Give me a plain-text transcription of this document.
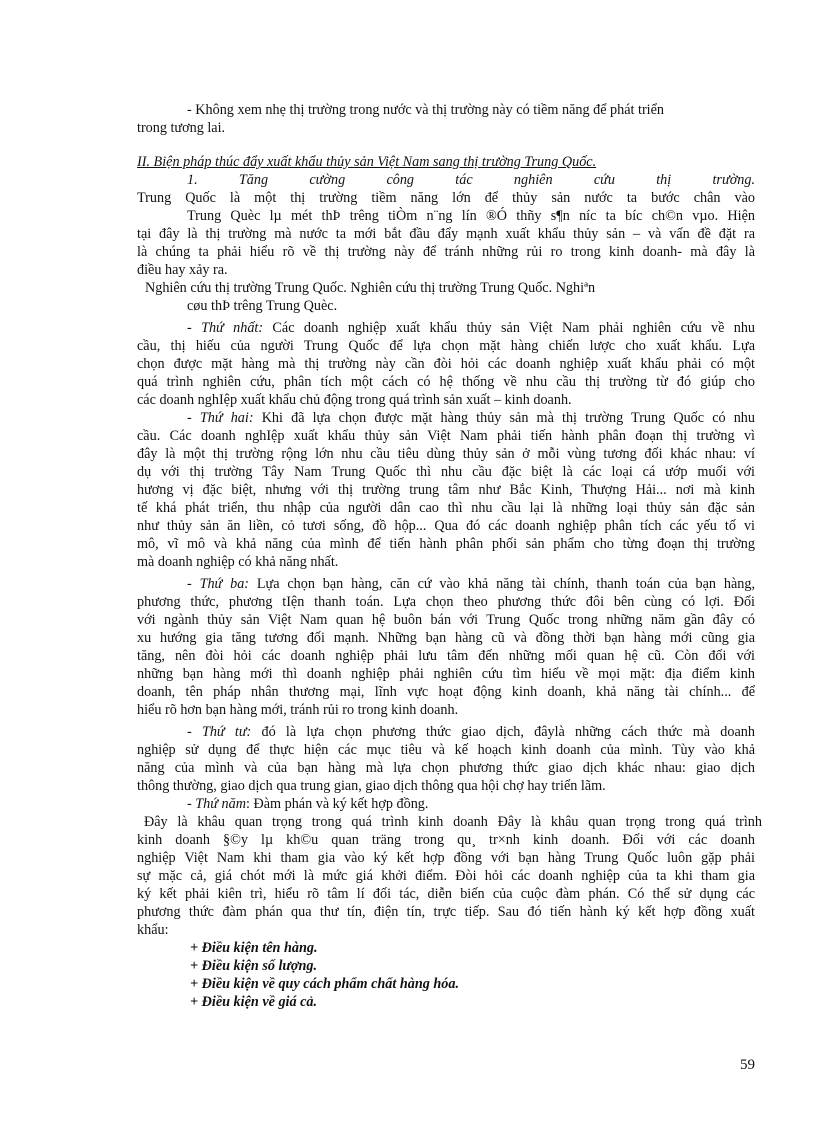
- Không xem nhẹ thị trường trong nước và thị trường này có tiềm năng để phát triển
trong tương lai.
II. Biện pháp thúc đẩy xuất khẩu thủy sản Việt Nam sang thị trường Trung Quốc.
1. Tăng cường công tác nghiên cứu thị trường.
Trung Quốc là một thị trường tiềm năng lớn để thủy sản nước ta bước chân vào
Trung Quèc lµ mét thÞ trêng tiÒm n¨ng lín ®Ó thñy s¶n níc ta bíc ch©n vµo. Hiện
tại đây là thị trường mà nước ta mới bắt đầu đẩy mạnh xuất khẩu thủy sản – và vấn đề đặt ra
là chúng ta phải hiểu rõ về thị trường này để tránh những rủi ro trong kinh doanh- mà đây là
điều hay xảy ra.
Nghiên cứu thị trường Trung Quốc. Nghiên cứu thị trường Trung Quốc. Nghiªn
cøu thÞ trêng Trung Quèc.
- Thứ nhất: Các doanh nghiệp xuất khẩu thủy sản Việt Nam phải nghiên cứu về nhu
cầu, thị hiếu của người Trung Quốc để lựa chọn mặt hàng chiến lược cho xuất khẩu. Lựa
chọn được mặt hàng mà thị trường này cần đòi hỏi các doanh nghiệp xuất khẩu phải có một
quá trình nghiên cứu, phân tích một cách có hệ thống về nhu cầu thị trường từ đó giúp cho
các doanh nghIệp xuất khẩu chủ động trong quá trình sản xuất – kinh doanh.
- Thứ hai: Khi đã lựa chọn được mặt hàng thủy sản mà thị trường Trung Quốc có nhu
cầu. Các doanh nghIệp xuất khẩu thủy sản Việt Nam phải tiến hành phân đoạn thị trường vì
đây là một thị trường rộng lớn nhu cầu tiêu dùng thủy sản ở mỗi vùng tương đối khác nhau: ví
dụ với thị trường Tây Nam Trung Quốc thì nhu cầu đặc biệt là các loại cá ướp muối với
hương vị đặc biệt, nhưng với thị trường trung tâm như Bắc Kinh, Thượng Hải... nơi mà kinh
tế khá phát triển, thu nhập của người dân cao thì nhu cầu lại là những loại thủy sản đặc sản
như thủy sản ăn liền, cỏ tươi sống, đồ hộp... Qua đó các doanh nghiệp phân tích các yếu tố vi
mô, vĩ mô và khả năng của mình để tiến hành phân phối sản phẩm cho từng đoạn thị trường
mà doanh nghiệp có khả năng nhất.
- Thứ ba: Lựa chọn bạn hàng, căn cứ vào khả năng tài chính, thanh toán của bạn hàng,
phương thức, phương tIện thanh toán. Lựa chọn theo phương thức đôi bên cùng có lợi. Đối
với ngành thủy sản Việt Nam quan hệ buôn bán với Trung Quốc trong những năm gần đây có
xu hướng gia tăng tương đối mạnh. Những bạn hàng cũ và đồng thời bạn hàng mới cũng gia
tăng, nên đòi hỏi các doanh nghiệp phải lưu tâm đến những mối quan hệ cũ. Còn đối với
những bạn hàng mới thì doanh nghiệp phải nghiên cứu tìm hiểu về mọi mặt: địa điểm kinh
doanh, tên pháp nhân thương mại, lĩnh vực hoạt động kinh doanh, khả năng tài chính... để
hiểu rõ hơn bạn hàng mới, tránh rủi ro trong kinh doanh.
- Thứ tư: đó là lựa chọn phương thức giao dịch, đâylà những cách thức mà doanh
nghiệp sử dụng để thực hiện các mục tiêu và kế hoạch kinh doanh của mình. Tùy vào khả
năng của mình và của bạn hàng mà lựa chọn phương thức giao dịch khác nhau: giao dịch
thông thường, giao dịch qua trung gian, giao dịch thông qua hội chợ hay triển lãm.
- Thứ năm: Đàm phán và ký kết hợp đồng.
Đây là khâu quan trọng trong quá trình kinh doanh Đây là khâu quan trọng trong quá trình
kinh doanh §©y lµ kh©u quan träng trong qu¸ tr×nh kinh doanh. Đối với các doanh
nghiệp Việt Nam khi tham gia vào ký kết hợp đồng với bạn hàng Trung Quốc luôn gặp phải
sự mặc cả, giá chót mới là mức giá khởi điểm. Đòi hỏi các doanh nghiệp của ta khi tham gia
ký kết phải kiên trì, hiểu rõ tâm lí đối tác, diễn biến của cuộc đàm phán. Có thể sử dụng các
phương thức đàm phán qua thư tín, điện tín, trực tiếp. Sau đó tiến hành ký kết hợp đồng xuất
khẩu:
+ Điều kiện tên hàng.
+ Điều kiện số lượng.
+ Điều kiện về quy cách phẩm chất hàng hóa.
+ Điều kiện về giá cả.
59
